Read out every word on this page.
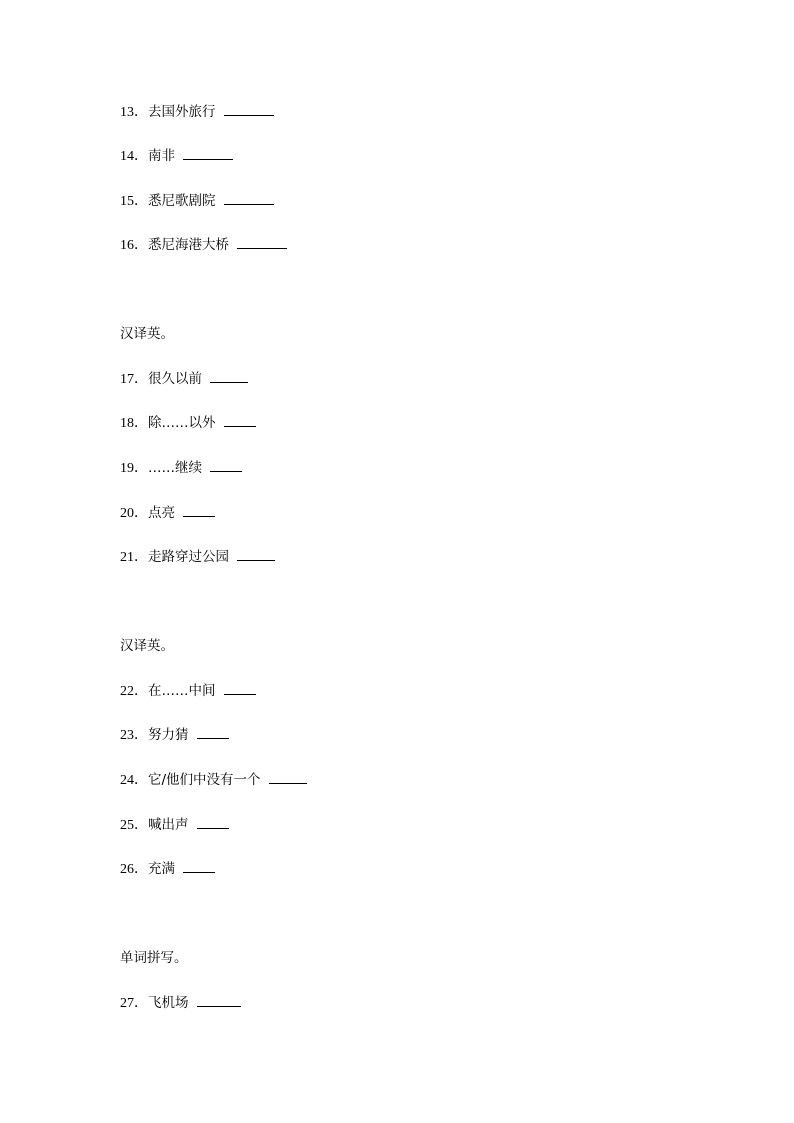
13．去国外旅行
14．南非
15．悉尼歌剧院
16．悉尼海港大桥
汉译英。
17．很久以前
18．除……以外
19．……继续
20．点亮
21．走路穿过公园
汉译英。
22．在……中间
23．努力猜
24．它/他们中没有一个
25．喊出声
26．充满
单词拼写。
27．飞机场
